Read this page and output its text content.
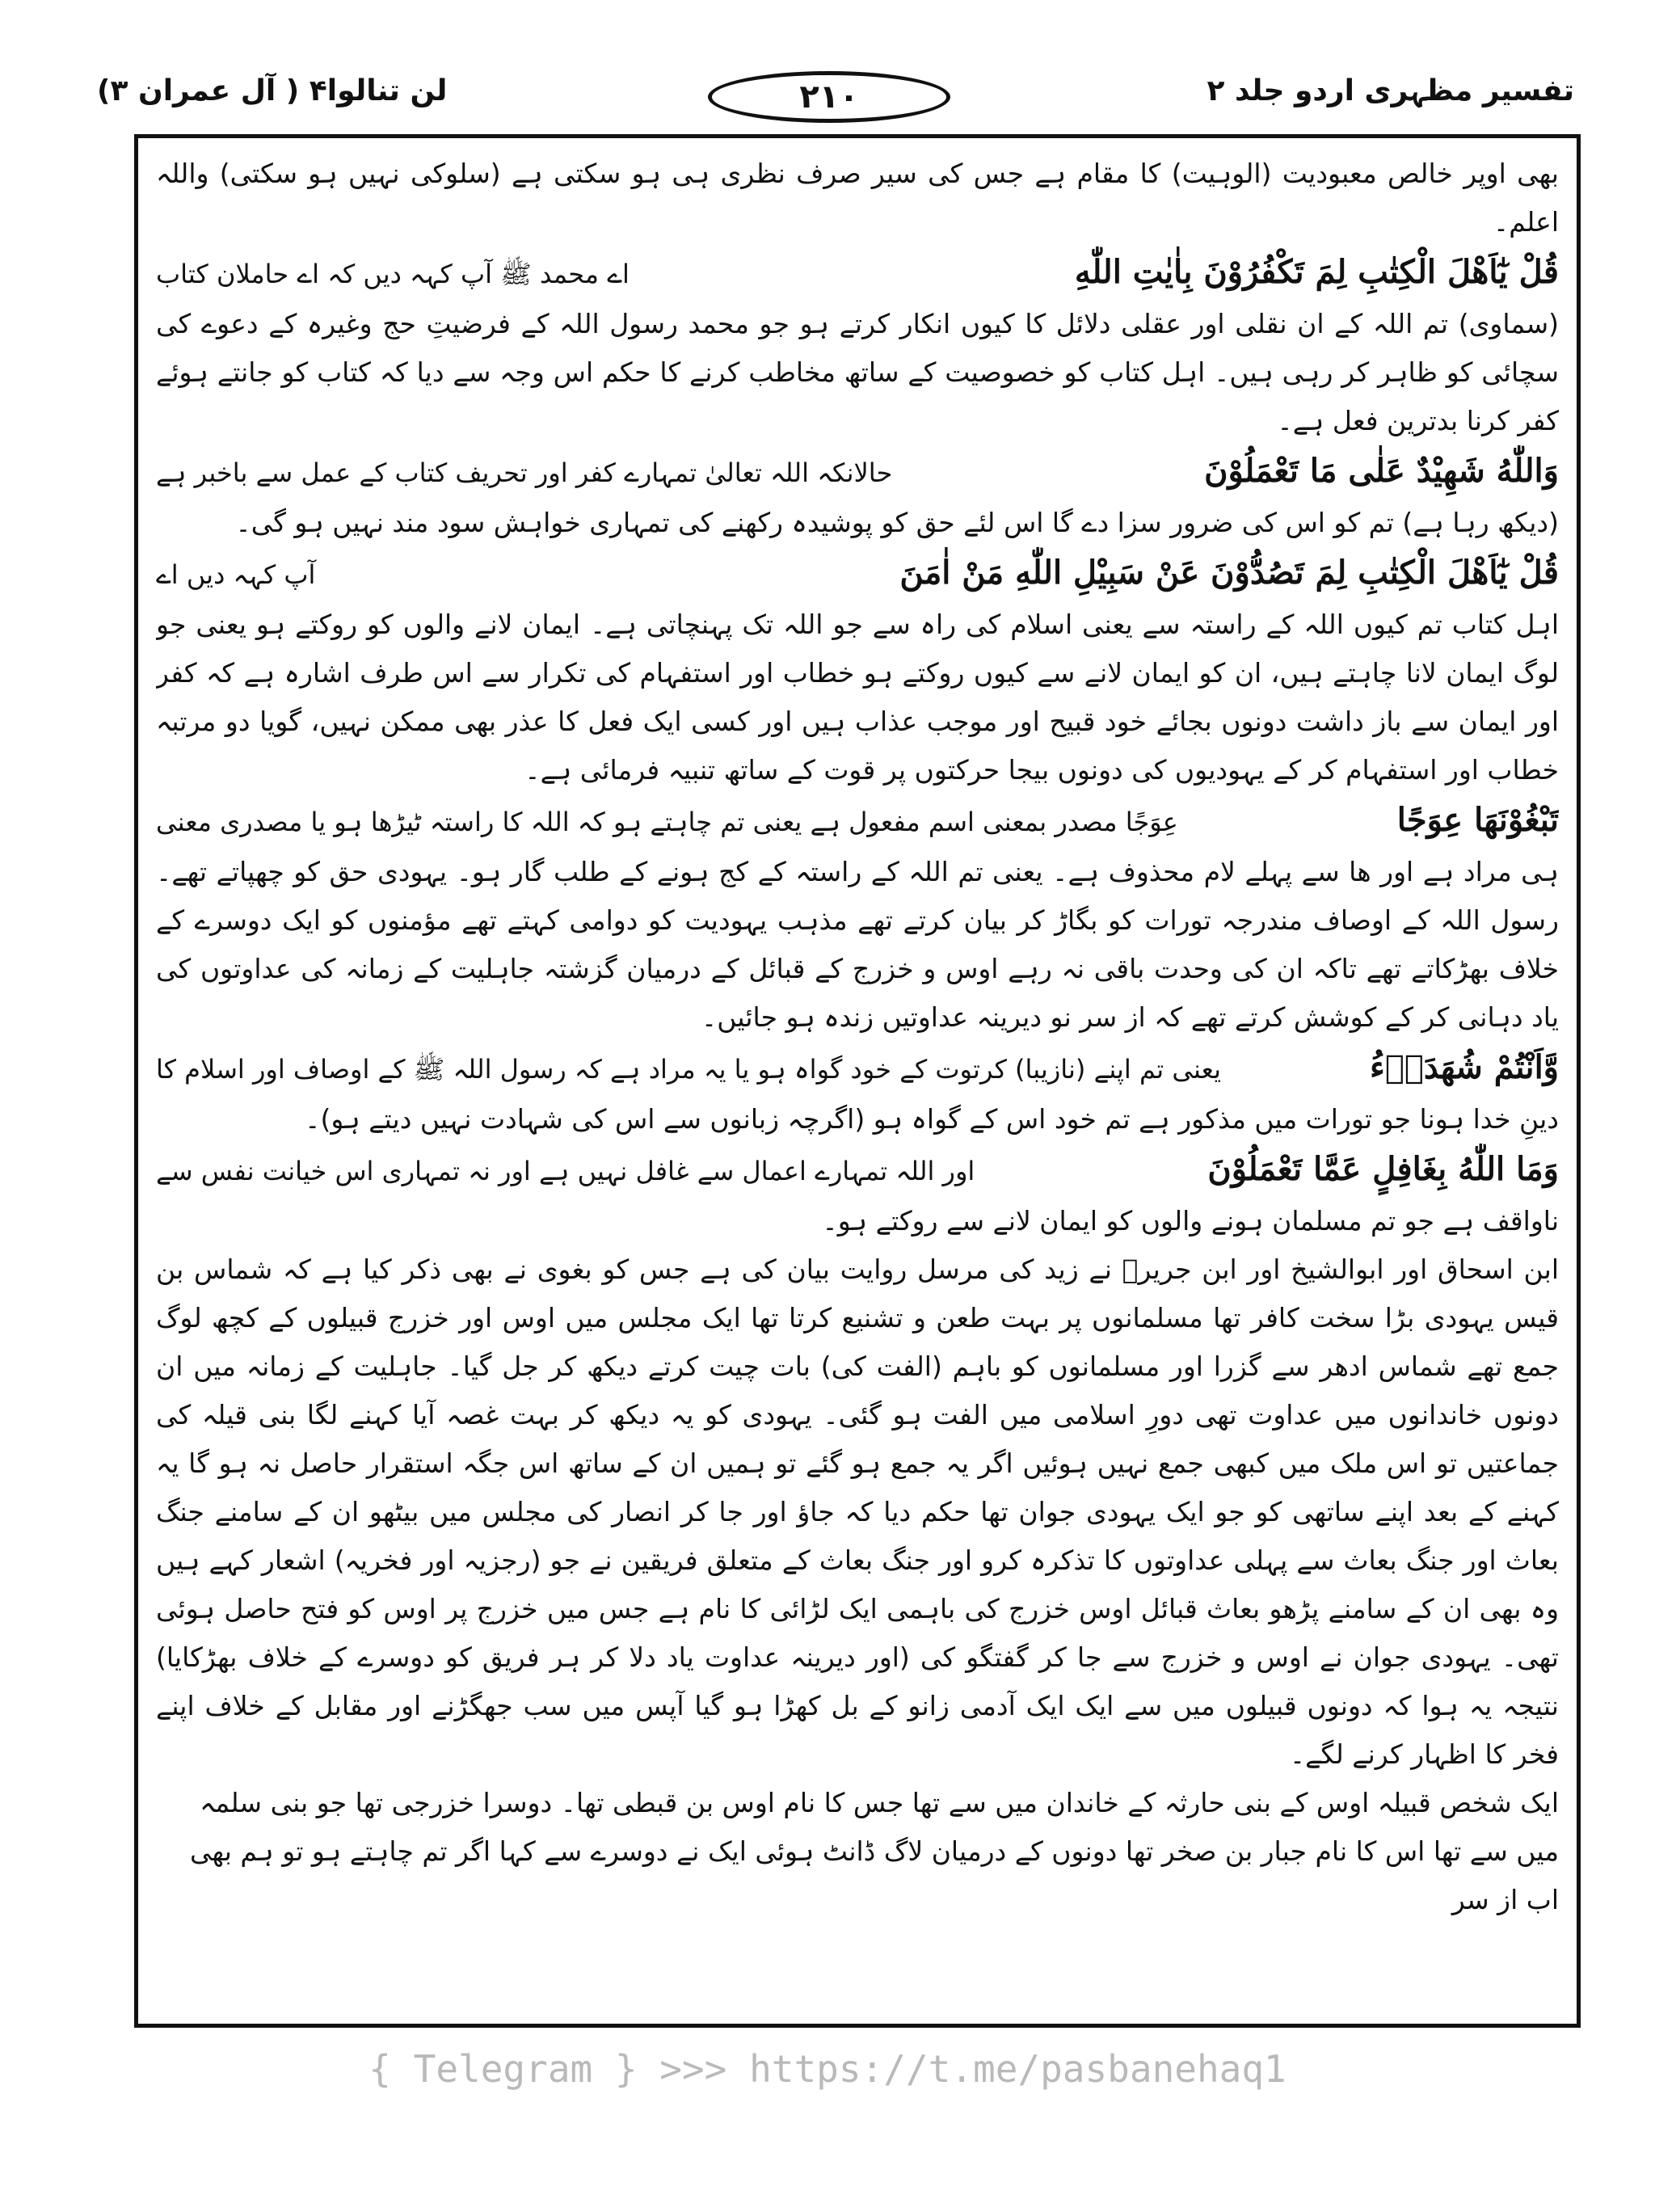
تفسیر مظہری اردو جلد ۲
۲۱۰
لن تنالوا۴ ( آل عمران ۳)

بھی اوپر خالص معبودیت (الوہیت) کا مقام ہے جس کی سیر صرف نظری ہی ہو سکتی ہے (سلوکی نہیں ہو سکتی) واللہ اعلم۔

قُلْ يٰٓاَهْلَ الْكِتٰبِ لِمَ تَكْفُرُوْنَ بِاٰيٰتِ اللّٰهِ
اے محمد ﷺ آپ کہہ دیں کہ اے حاملان کتاب

(سماوی) تم اللہ کے ان نقلی اور عقلی دلائل کا کیوں انکار کرتے ہو جو محمد رسول اللہ کے فرضیتِ حج وغیرہ کے دعوے کی سچائی کو ظاہر کر رہی ہیں۔ اہل کتاب کو خصوصیت کے ساتھ مخاطب کرنے کا حکم اس وجہ سے دیا کہ کتاب کو جانتے ہوئے کفر کرنا بدترین فعل ہے۔

وَاللّٰهُ شَهِيْدٌ عَلٰى مَا تَعْمَلُوْنَ
حالانکہ اللہ تعالیٰ تمہارے کفر اور تحریف کتاب کے عمل سے باخبر ہے

(دیکھ رہا ہے) تم کو اس کی ضرور سزا دے گا اس لئے حق کو پوشیدہ رکھنے کی تمہاری خواہش سود مند نہیں ہو گی۔

قُلْ يٰٓاَهْلَ الْكِتٰبِ لِمَ تَصُدُّوْنَ عَنْ سَبِيْلِ اللّٰهِ مَنْ اٰمَنَ
آپ کہہ دیں اے

اہل کتاب تم کیوں اللہ کے راستہ سے یعنی اسلام کی راہ سے جو اللہ تک پہنچاتی ہے۔ ایمان لانے والوں کو روکتے ہو یعنی جو لوگ ایمان لانا چاہتے ہیں، ان کو ایمان لانے سے کیوں روکتے ہو خطاب اور استفہام کی تکرار سے اس طرف اشارہ ہے کہ کفر اور ایمان سے باز داشت دونوں بجائے خود قبیح اور موجب عذاب ہیں اور کسی ایک فعل کا عذر بھی ممکن نہیں، گویا دو مرتبہ خطاب اور استفہام کر کے یہودیوں کی دونوں بیجا حرکتوں پر قوت کے ساتھ تنبیہ فرمائی ہے۔

تَبْغُوْنَهَا عِوَجًا
عِوَجًا مصدر بمعنی اسم مفعول ہے یعنی تم چاہتے ہو کہ اللہ کا راستہ ٹیڑھا ہو یا مصدری معنی

ہی مراد ہے اور ھا سے پہلے لام محذوف ہے۔ یعنی تم اللہ کے راستہ کے کج ہونے کے طلب گار ہو۔ یہودی حق کو چھپاتے تھے۔ رسول اللہ کے اوصاف مندرجہ تورات کو بگاڑ کر بیان کرتے تھے مذہب یہودیت کو دوامی کہتے تھے مؤمنوں کو ایک دوسرے کے خلاف بھڑکاتے تھے تاکہ ان کی وحدت باقی نہ رہے اوس و خزرج کے قبائل کے درمیان گزشتہ جاہلیت کے زمانہ کی عداوتوں کی یاد دہانی کر کے کوشش کرتے تھے کہ از سر نو دیرینہ عداوتیں زندہ ہو جائیں۔

وَّاَنْتُمْ شُهَدَاۤءُ
یعنی تم اپنے (نازیبا) کرتوت کے خود گواہ ہو یا یہ مراد ہے کہ رسول اللہ ﷺ کے اوصاف اور اسلام کا

دینِ خدا ہونا جو تورات میں مذکور ہے تم خود اس کے گواہ ہو (اگرچہ زبانوں سے اس کی شہادت نہیں دیتے ہو)۔

وَمَا اللّٰهُ بِغَافِلٍ عَمَّا تَعْمَلُوْنَ
اور اللہ تمہارے اعمال سے غافل نہیں ہے اور نہ تمہاری اس خیانت نفس سے

ناواقف ہے جو تم مسلمان ہونے والوں کو ایمان لانے سے روکتے ہو۔

ابن اسحاق اور ابوالشیخ اور ابن جریرؒ نے زید کی مرسل روایت بیان کی ہے جس کو بغوی نے بھی ذکر کیا ہے کہ شماس بن قیس یہودی بڑا سخت کافر تھا مسلمانوں پر بہت طعن و تشنیع کرتا تھا ایک مجلس میں اوس اور خزرج قبیلوں کے کچھ لوگ جمع تھے شماس ادھر سے گزرا اور مسلمانوں کو باہم (الفت کی) بات چیت کرتے دیکھ کر جل گیا۔ جاہلیت کے زمانہ میں ان دونوں خاندانوں میں عداوت تھی دورِ اسلامی میں الفت ہو گئی۔ یہودی کو یہ دیکھ کر بہت غصہ آیا کہنے لگا بنی قیلہ کی جماعتیں تو اس ملک میں کبھی جمع نہیں ہوئیں اگر یہ جمع ہو گئے تو ہمیں ان کے ساتھ اس جگہ استقرار حاصل نہ ہو گا یہ کہنے کے بعد اپنے ساتھی کو جو ایک یہودی جوان تھا حکم دیا کہ جاؤ اور جا کر انصار کی مجلس میں بیٹھو ان کے سامنے جنگ بعاث اور جنگ بعاث سے پہلی عداوتوں کا تذکرہ کرو اور جنگ بعاث کے متعلق فریقین نے جو (رجزیہ اور فخریہ) اشعار کہے ہیں وہ بھی ان کے سامنے پڑھو بعاث قبائل اوس خزرج کی باہمی ایک لڑائی کا نام ہے جس میں خزرج پر اوس کو فتح حاصل ہوئی تھی۔ یہودی جوان نے اوس و خزرج سے جا کر گفتگو کی (اور دیرینہ عداوت یاد دلا کر ہر فریق کو دوسرے کے خلاف بھڑکایا) نتیجہ یہ ہوا کہ دونوں قبیلوں میں سے ایک ایک آدمی زانو کے بل کھڑا ہو گیا آپس میں سب جھگڑنے اور مقابل کے خلاف اپنے فخر کا اظہار کرنے لگے۔

ایک شخص قبیلہ اوس کے بنی حارثہ کے خاندان میں سے تھا جس کا نام اوس بن قبطی تھا۔ دوسرا خزرجی تھا جو بنی سلمہ میں سے تھا اس کا نام جبار بن صخر تھا دونوں کے درمیان لاگ ڈانٹ ہوئی ایک نے دوسرے سے کہا اگر تم چاہتے ہو تو ہم بھی اب از سر

{ Telegram } >>> https://t.me/pasbanehaq1
